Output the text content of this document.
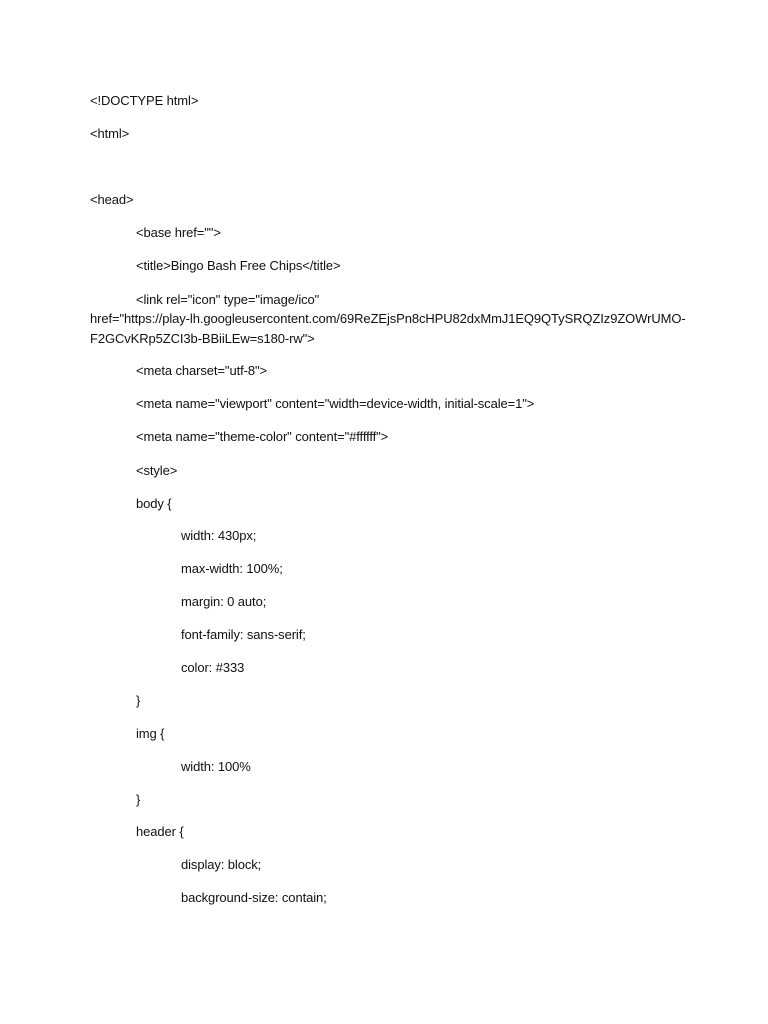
<!DOCTYPE html>
<html>
<head>
<base href="">
<title>Bingo Bash Free Chips</title>
<link rel="icon" type="image/ico"
href="https://play-lh.googleusercontent.com/69ReZEjsPn8cHPU82dxMmJ1EQ9QTySRQZIz9ZOWrUMO-
F2GCvKRp5ZCI3b-BBiiLEw=s180-rw">
<meta charset="utf-8">
<meta name="viewport" content="width=device-width, initial-scale=1">
<meta name="theme-color" content="#ffffff">
<style>
body {
width: 430px;
max-width: 100%;
margin: 0 auto;
font-family: sans-serif;
color: #333
}
img {
width: 100%
}
header {
display: block;
background-size: contain;
